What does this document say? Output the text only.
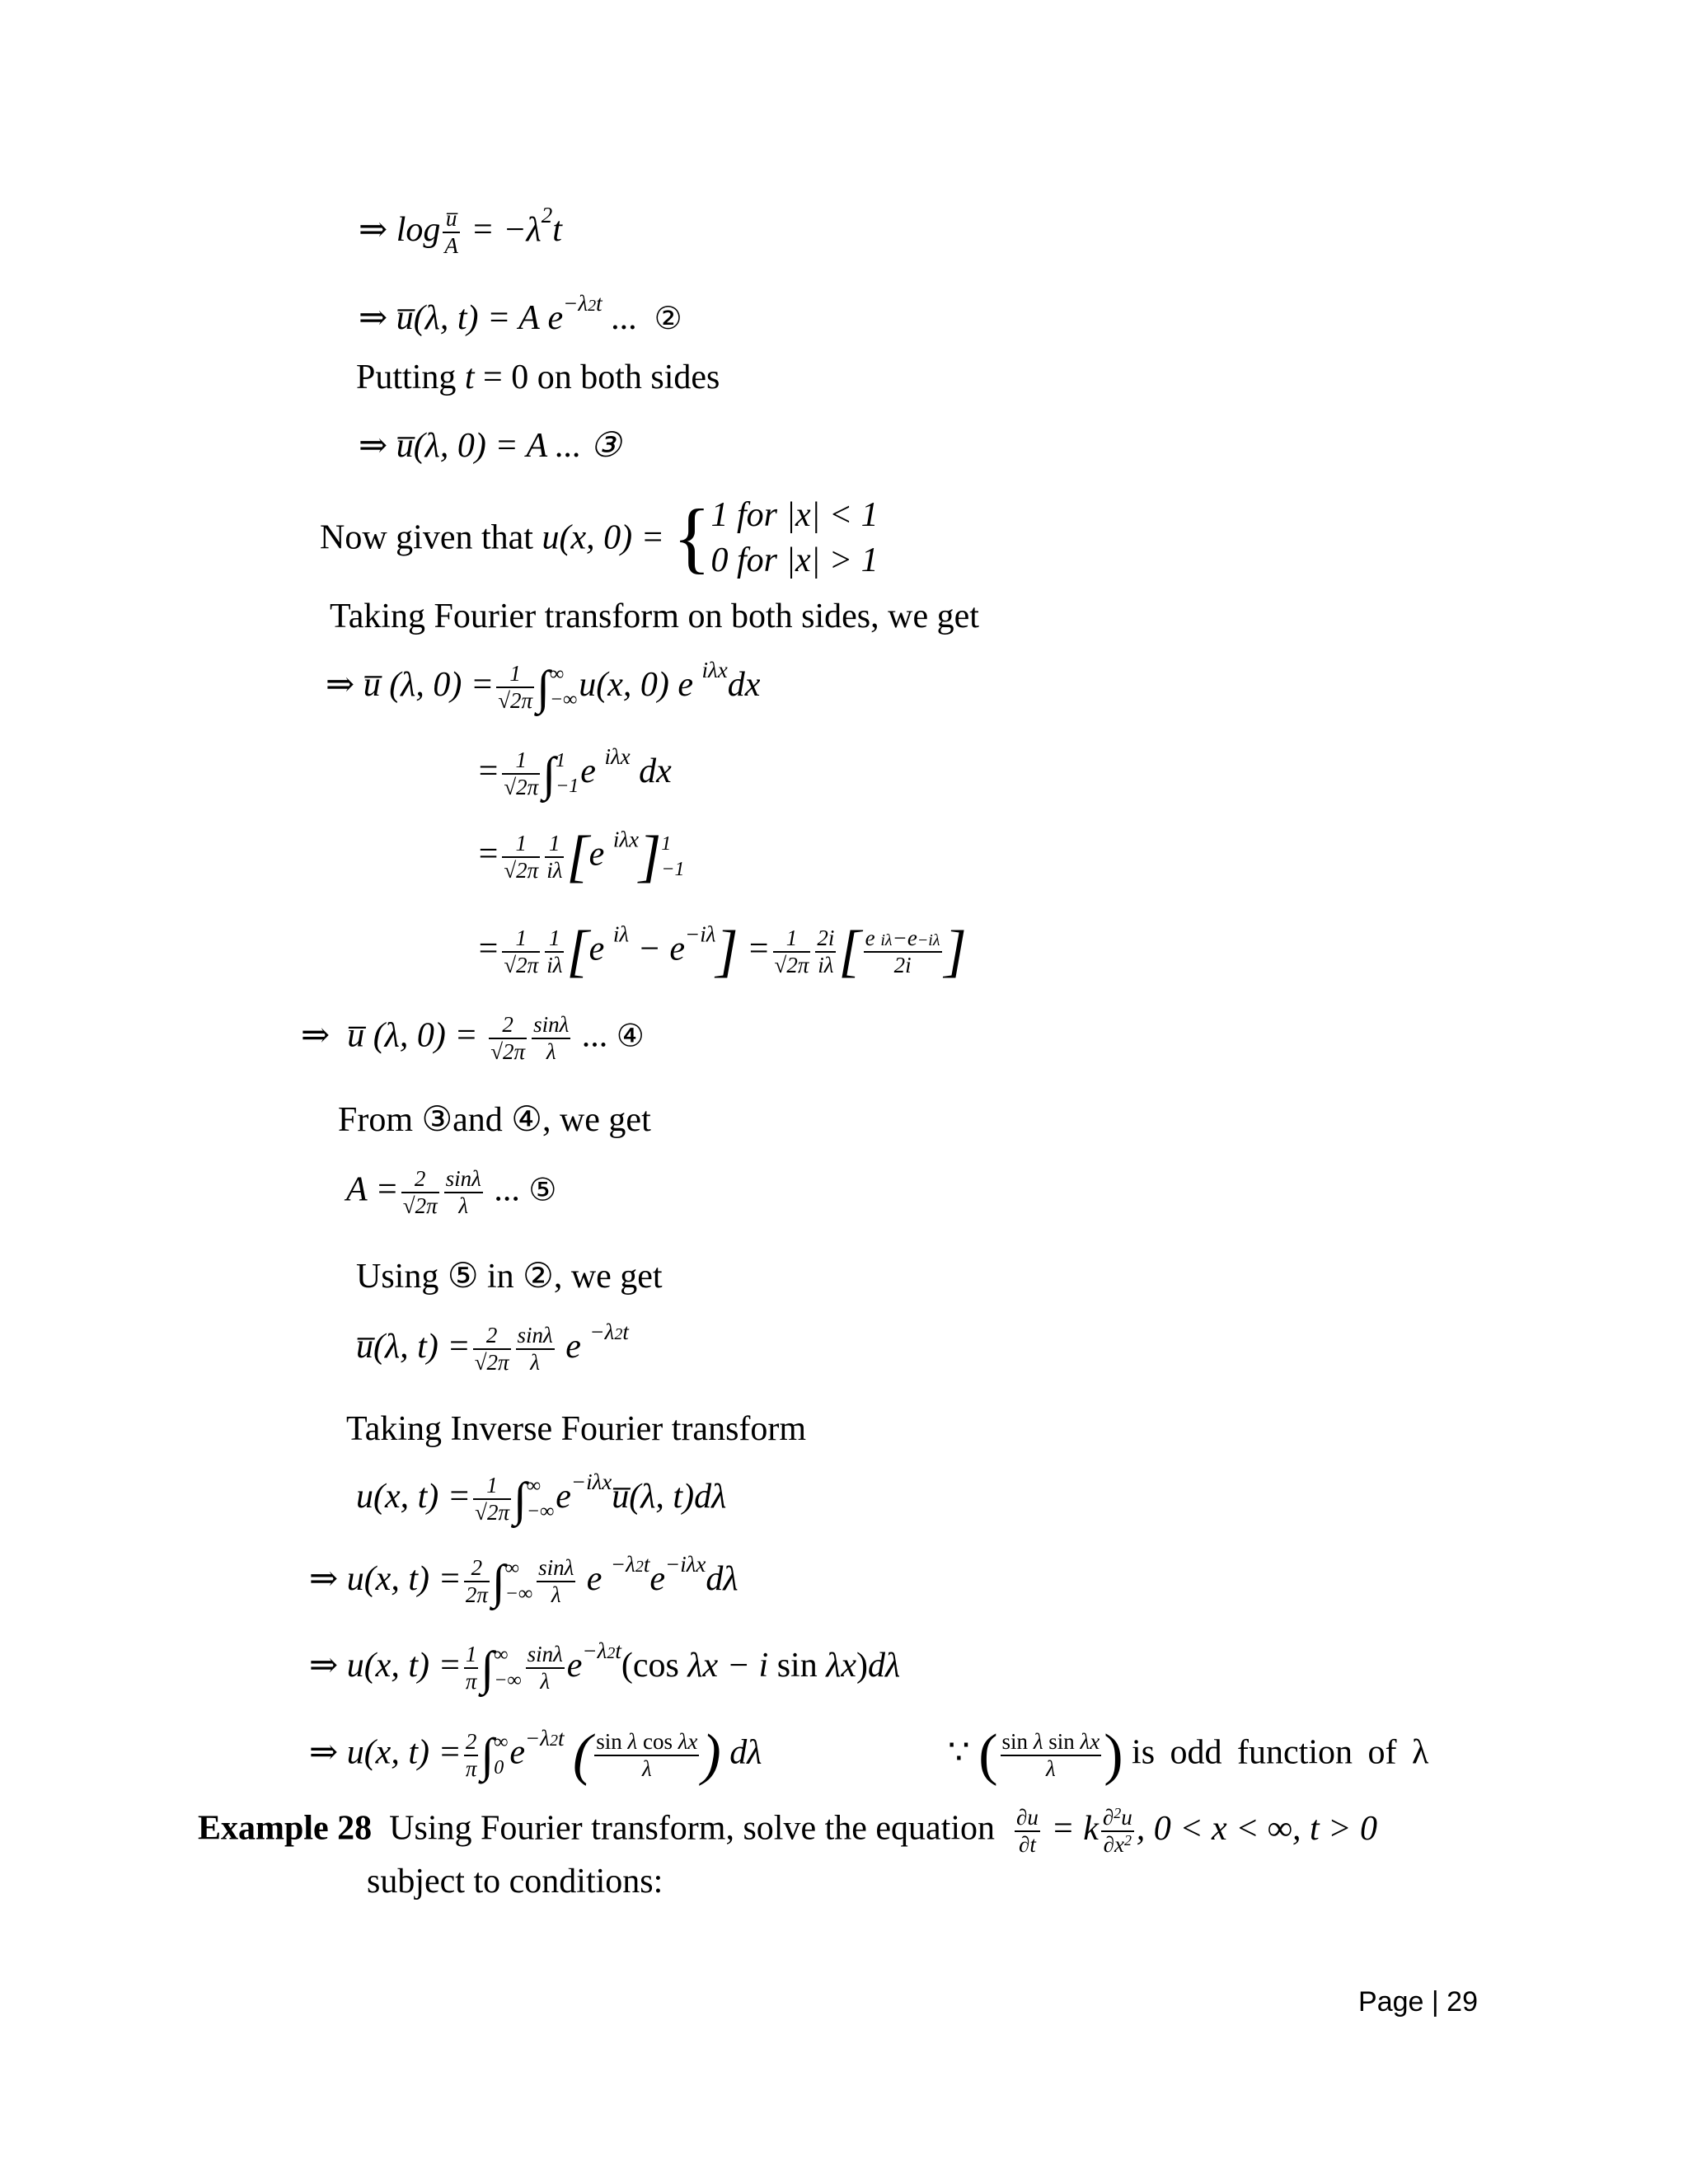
⇒ $\log \frac{u̅}{A} = -\lambda^2t$
⇒ u̅(λ, t) = A $e^{-\lambda 2t}$ ... ②
Putting t = 0 on both sides
⇒ u̅(λ, 0) = A ... ③
Now given that u(x, 0) = { 1 for |x| < 1
0 for |x| > 1
Taking Fourier transform on both sides, we get
⇒ u̅ (λ, $0) = \frac{1}{√2\pi}$ ∫ ∞
−∞ u(x, 0) e $^{i\lambda x}$dx
= $\frac{1}{√2\pi}$ ∫ 1
−1 e $^{i\lambda x}$ dx
= $\frac{1}{√2\pi} \frac{1}{i\lambda} [e$ $^{i\lambda x}$] 1
−1
= $\frac{1}{√2\pi} \frac{1}{i\lambda} [e$ $^{i\lambda} - e^{-i\lambda}] = \frac{1}{√2\pi} \frac{2i}{i\lambda}$ [ $\frac{\text{e iλ−e−iλ}}{2i}$ ]
⇒  u̅ (λ, $0) = \frac{2}{√2\pi} \frac{\sin\lambda}{\lambda}$ ... ④
From ③and ④, we get
$A = \frac{2}{√2\pi} \frac{\sin\lambda}{\lambda}$ ... ⑤
Using ⑤ in ②, we get
u̅(λ, $t) = \frac{2}{√2\pi} \frac{\sin\lambda}{\lambda}$ e $^{-\lambda 2t}$
Taking Inverse Fourier transform
u(x, $t) = \frac{1}{√2\pi}$ ∫ ∞
−∞ $e^{-i\lambda x}u̅(\lambda$, t)dλ
⇒ u(x, $t) = \frac{2}{2\pi}$ ∫ ∞
−∞ $\frac{\sin\lambda}{\lambda}$ e $^{-\lambda 2t}e^{-i\lambda x}d\lambda$
⇒ u(x, $t) = \frac{1}{\pi}$ ∫ ∞
−∞ $\frac{\sin\lambda}{\lambda} e^{-\lambda 2t}(\cos$ λx − i sin λx)dλ
⇒ u(x, $t) = \frac{2}{\pi}$ ∫ ∞
0 $e^{-\lambda 2t}$ ( $\frac{\text{sin λ cos λx}}{\lambda}$ ) dλ	∵ ( $\frac{\text{sin λ sin λx}}{\lambda}$ ) is odd function of λ
Example 28 Using Fourier transform, solve the equation $\frac{\partial u}{\partial t} = k \frac{\partial^2u}{\partial x^2}$ , 0 < x < ∞, t > 0
subject to conditions:
Page | 29
